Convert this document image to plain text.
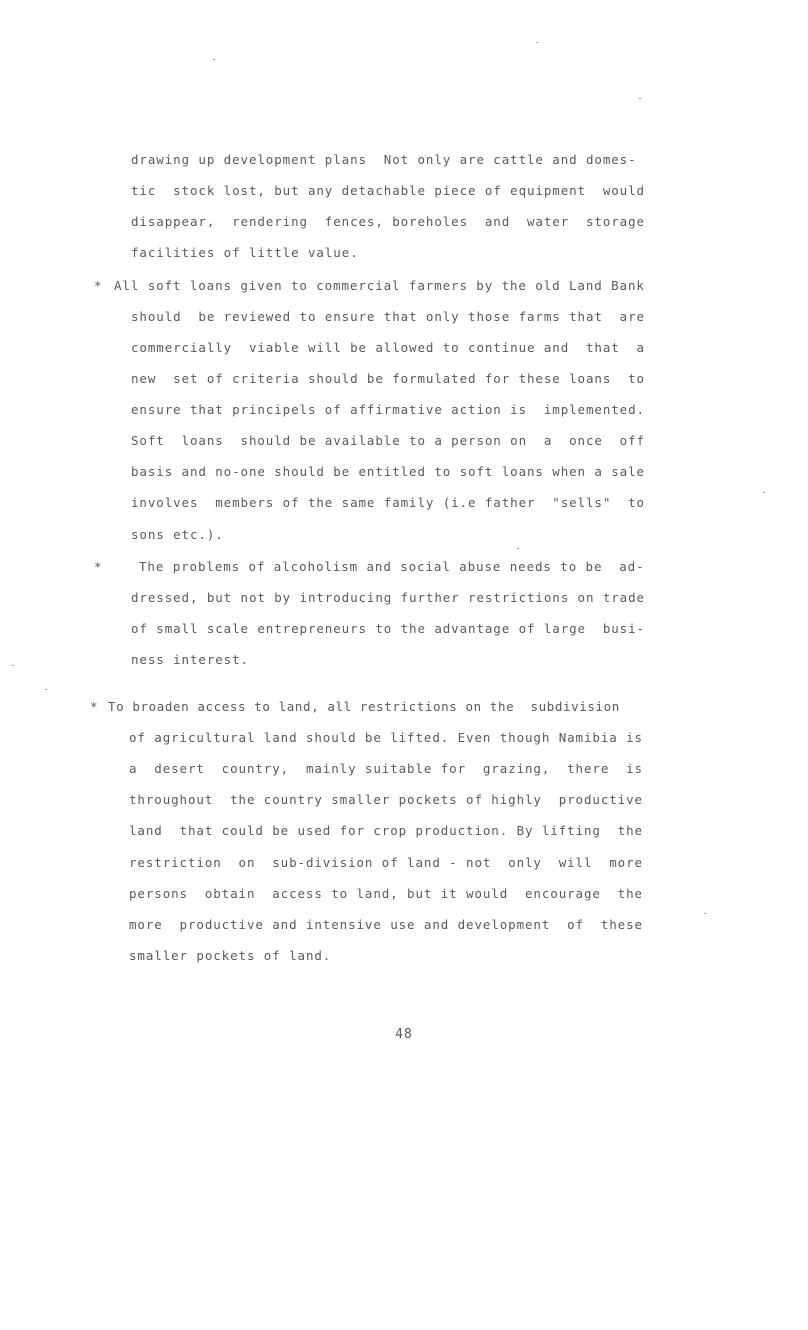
drawing up development plans  Not only are cattle and domes-
tic  stock lost, but any detachable piece of equipment  would
disappear,  rendering  fences, boreholes  and  water  storage
facilities of little value.
* All soft loans given to commercial farmers by the old Land Bank
should  be reviewed to ensure that only those farms that  are
commercially  viable will be allowed to continue and  that  a
new  set of criteria should be formulated for these loans  to
ensure that principels of affirmative action is  implemented.
Soft  loans  should be available to a person on  a  once  off
basis and no-one should be entitled to soft loans when a sale
involves  members of the same family (i.e father  "sells"  to
sons etc.).
*	The problems of alcoholism and social abuse needs to be  ad-
dressed, but not by introducing further restrictions on trade
of small scale entrepreneurs to the advantage of large  busi-
ness interest.
* To broaden access to land, all restrictions on the  subdivision
of agricultural land should be lifted. Even though Namibia is
a  desert  country,  mainly suitable for  grazing,  there  is
throughout  the country smaller pockets of highly  productive
land  that could be used for crop production. By lifting  the
restriction  on  sub-division of land - not  only  will  more
persons  obtain  access to land, but it would  encourage  the
more  productive and intensive use and development  of  these
smaller pockets of land.
48
